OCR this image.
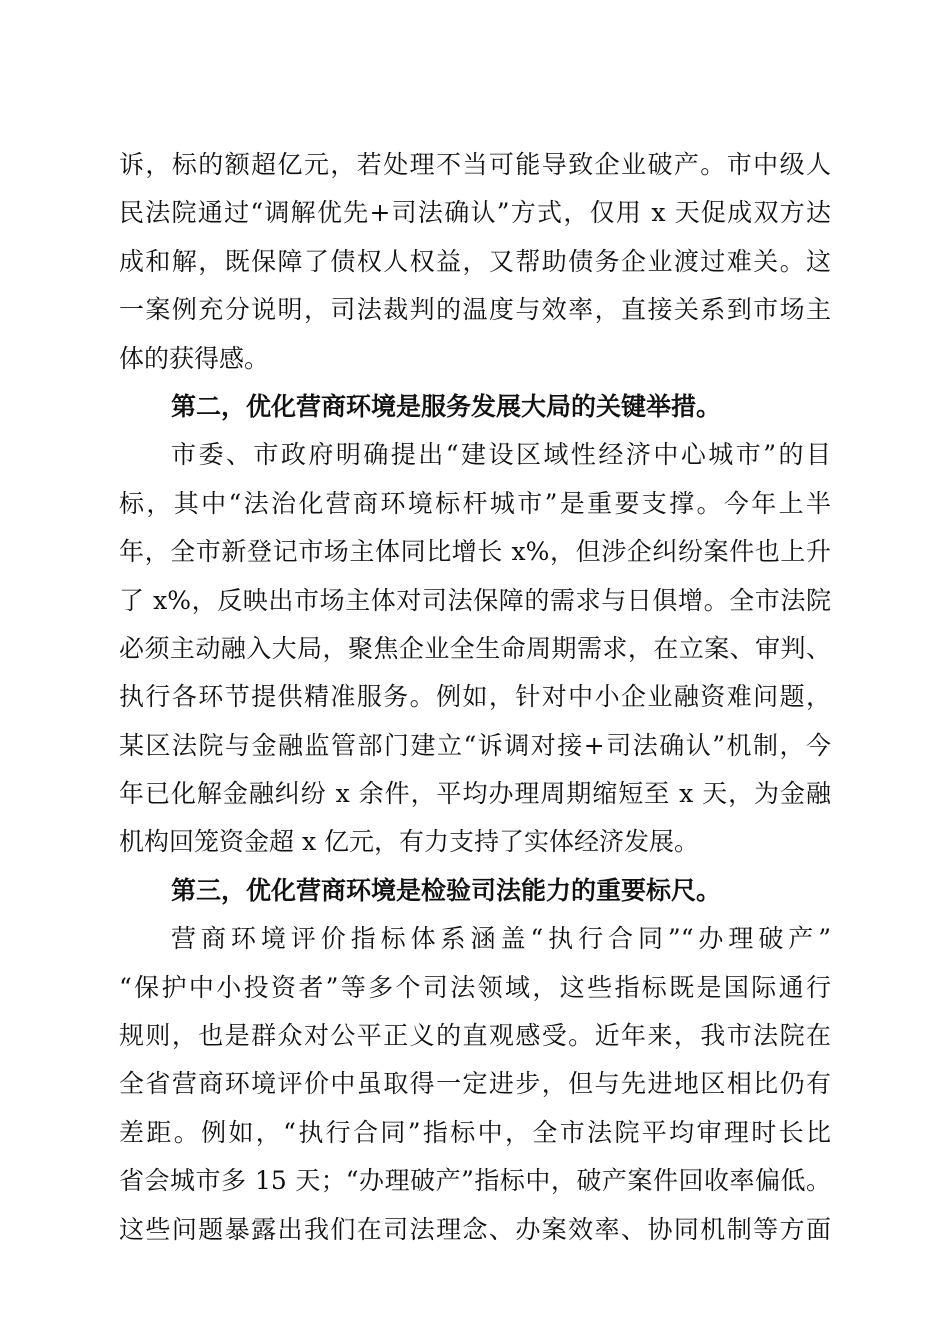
诉，标的额超亿元，若处理不当可能导致企业破产。市中级人
民法院通过“调解优先+司法确认”方式，仅用 x 天促成双方达
成和解，既保障了债权人权益，又帮助债务企业渡过难关。这
一案例充分说明，司法裁判的温度与效率，直接关系到市场主
体的获得感。
第二，优化营商环境是服务发展大局的关键举措。
市委、市政府明确提出“建设区域性经济中心城市”的目
标，其中“法治化营商环境标杆城市”是重要支撑。今年上半
年，全市新登记市场主体同比增长 x%，但涉企纠纷案件也上升
了 x%，反映出市场主体对司法保障的需求与日俱增。全市法院
必须主动融入大局，聚焦企业全生命周期需求，在立案、审判、
执行各环节提供精准服务。例如，针对中小企业融资难问题，
某区法院与金融监管部门建立“诉调对接+司法确认”机制，今
年已化解金融纠纷 x 余件，平均办理周期缩短至 x 天，为金融
机构回笼资金超 x 亿元，有力支持了实体经济发展。
第三，优化营商环境是检验司法能力的重要标尺。
营商环境评价指标体系涵盖“执行合同”“办理破产”
“保护中小投资者”等多个司法领域，这些指标既是国际通行
规则，也是群众对公平正义的直观感受。近年来，我市法院在
全省营商环境评价中虽取得一定进步，但与先进地区相比仍有
差距。例如，“执行合同”指标中，全市法院平均审理时长比
省会城市多 15 天；“办理破产”指标中，破产案件回收率偏低。
这些问题暴露出我们在司法理念、办案效率、协同机制等方面
